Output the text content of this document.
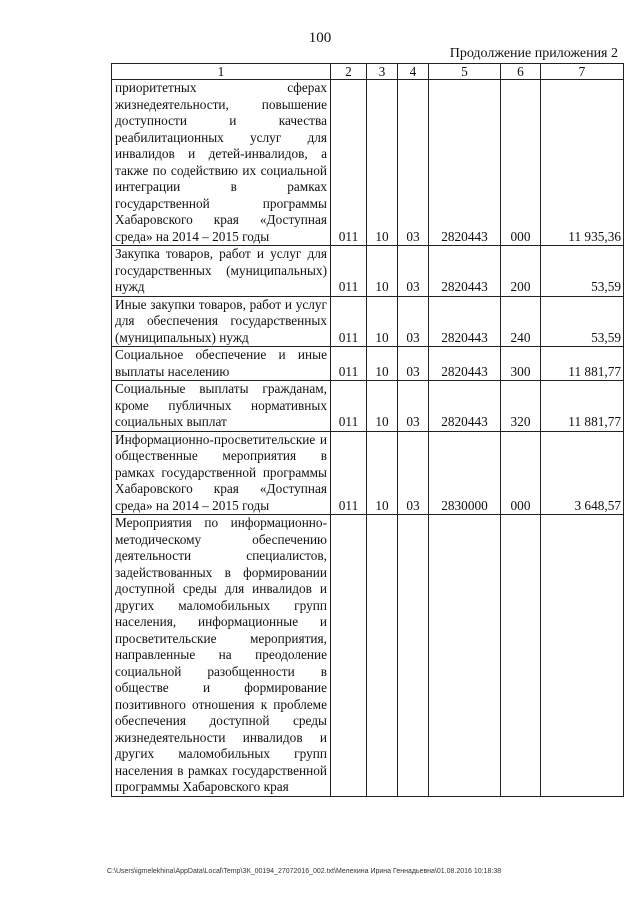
100
Продолжение приложения 2
1	2	3	4	5	6	7
приоритетных сферах жизнедеятельности, повышение доступности и качества реабилитационных услуг для инвалидов и детей-инвалидов, а также по содействию их социальной интеграции в рамках государственной программы Хабаровского края «Доступная среда» на 2014 – 2015 годы	011	10	03	2820443	000	11 935,36
Закупка товаров, работ и услуг для государственных (муниципальных) нужд	011	10	03	2820443	200	53,59
Иные закупки товаров, работ и услуг для обеспечения государственных (муниципальных) нужд	011	10	03	2820443	240	53,59
Социальное обеспечение и иные выплаты населению	011	10	03	2820443	300	11 881,77
Социальные выплаты гражданам, кроме публичных нормативных социальных выплат	011	10	03	2820443	320	11 881,77
Информационно-просветительские и общественные мероприятия в рамках государственной программы Хабаровского края «Доступная среда» на 2014 – 2015 годы	011	10	03	2830000	000	3 648,57
Мероприятия по информационно-методическому обеспечению деятельности специалистов, задействованных в формировании доступной среды для инвалидов и других маломобильных групп населения, информационные и просветительские мероприятия, направленные на преодоление социальной разобщенности в обществе и формирование позитивного отношения к проблеме обеспечения доступной среды жизнедеятельности инвалидов и других маломобильных групп населения в рамках государственной программы Хабаровского края						
C:\Users\igmelekhina\AppData\Local\Temp\ЗК_00194_27072016_002.txt\Мелехина Ирина Геннадьевна\01.08.2016 10:18:38
